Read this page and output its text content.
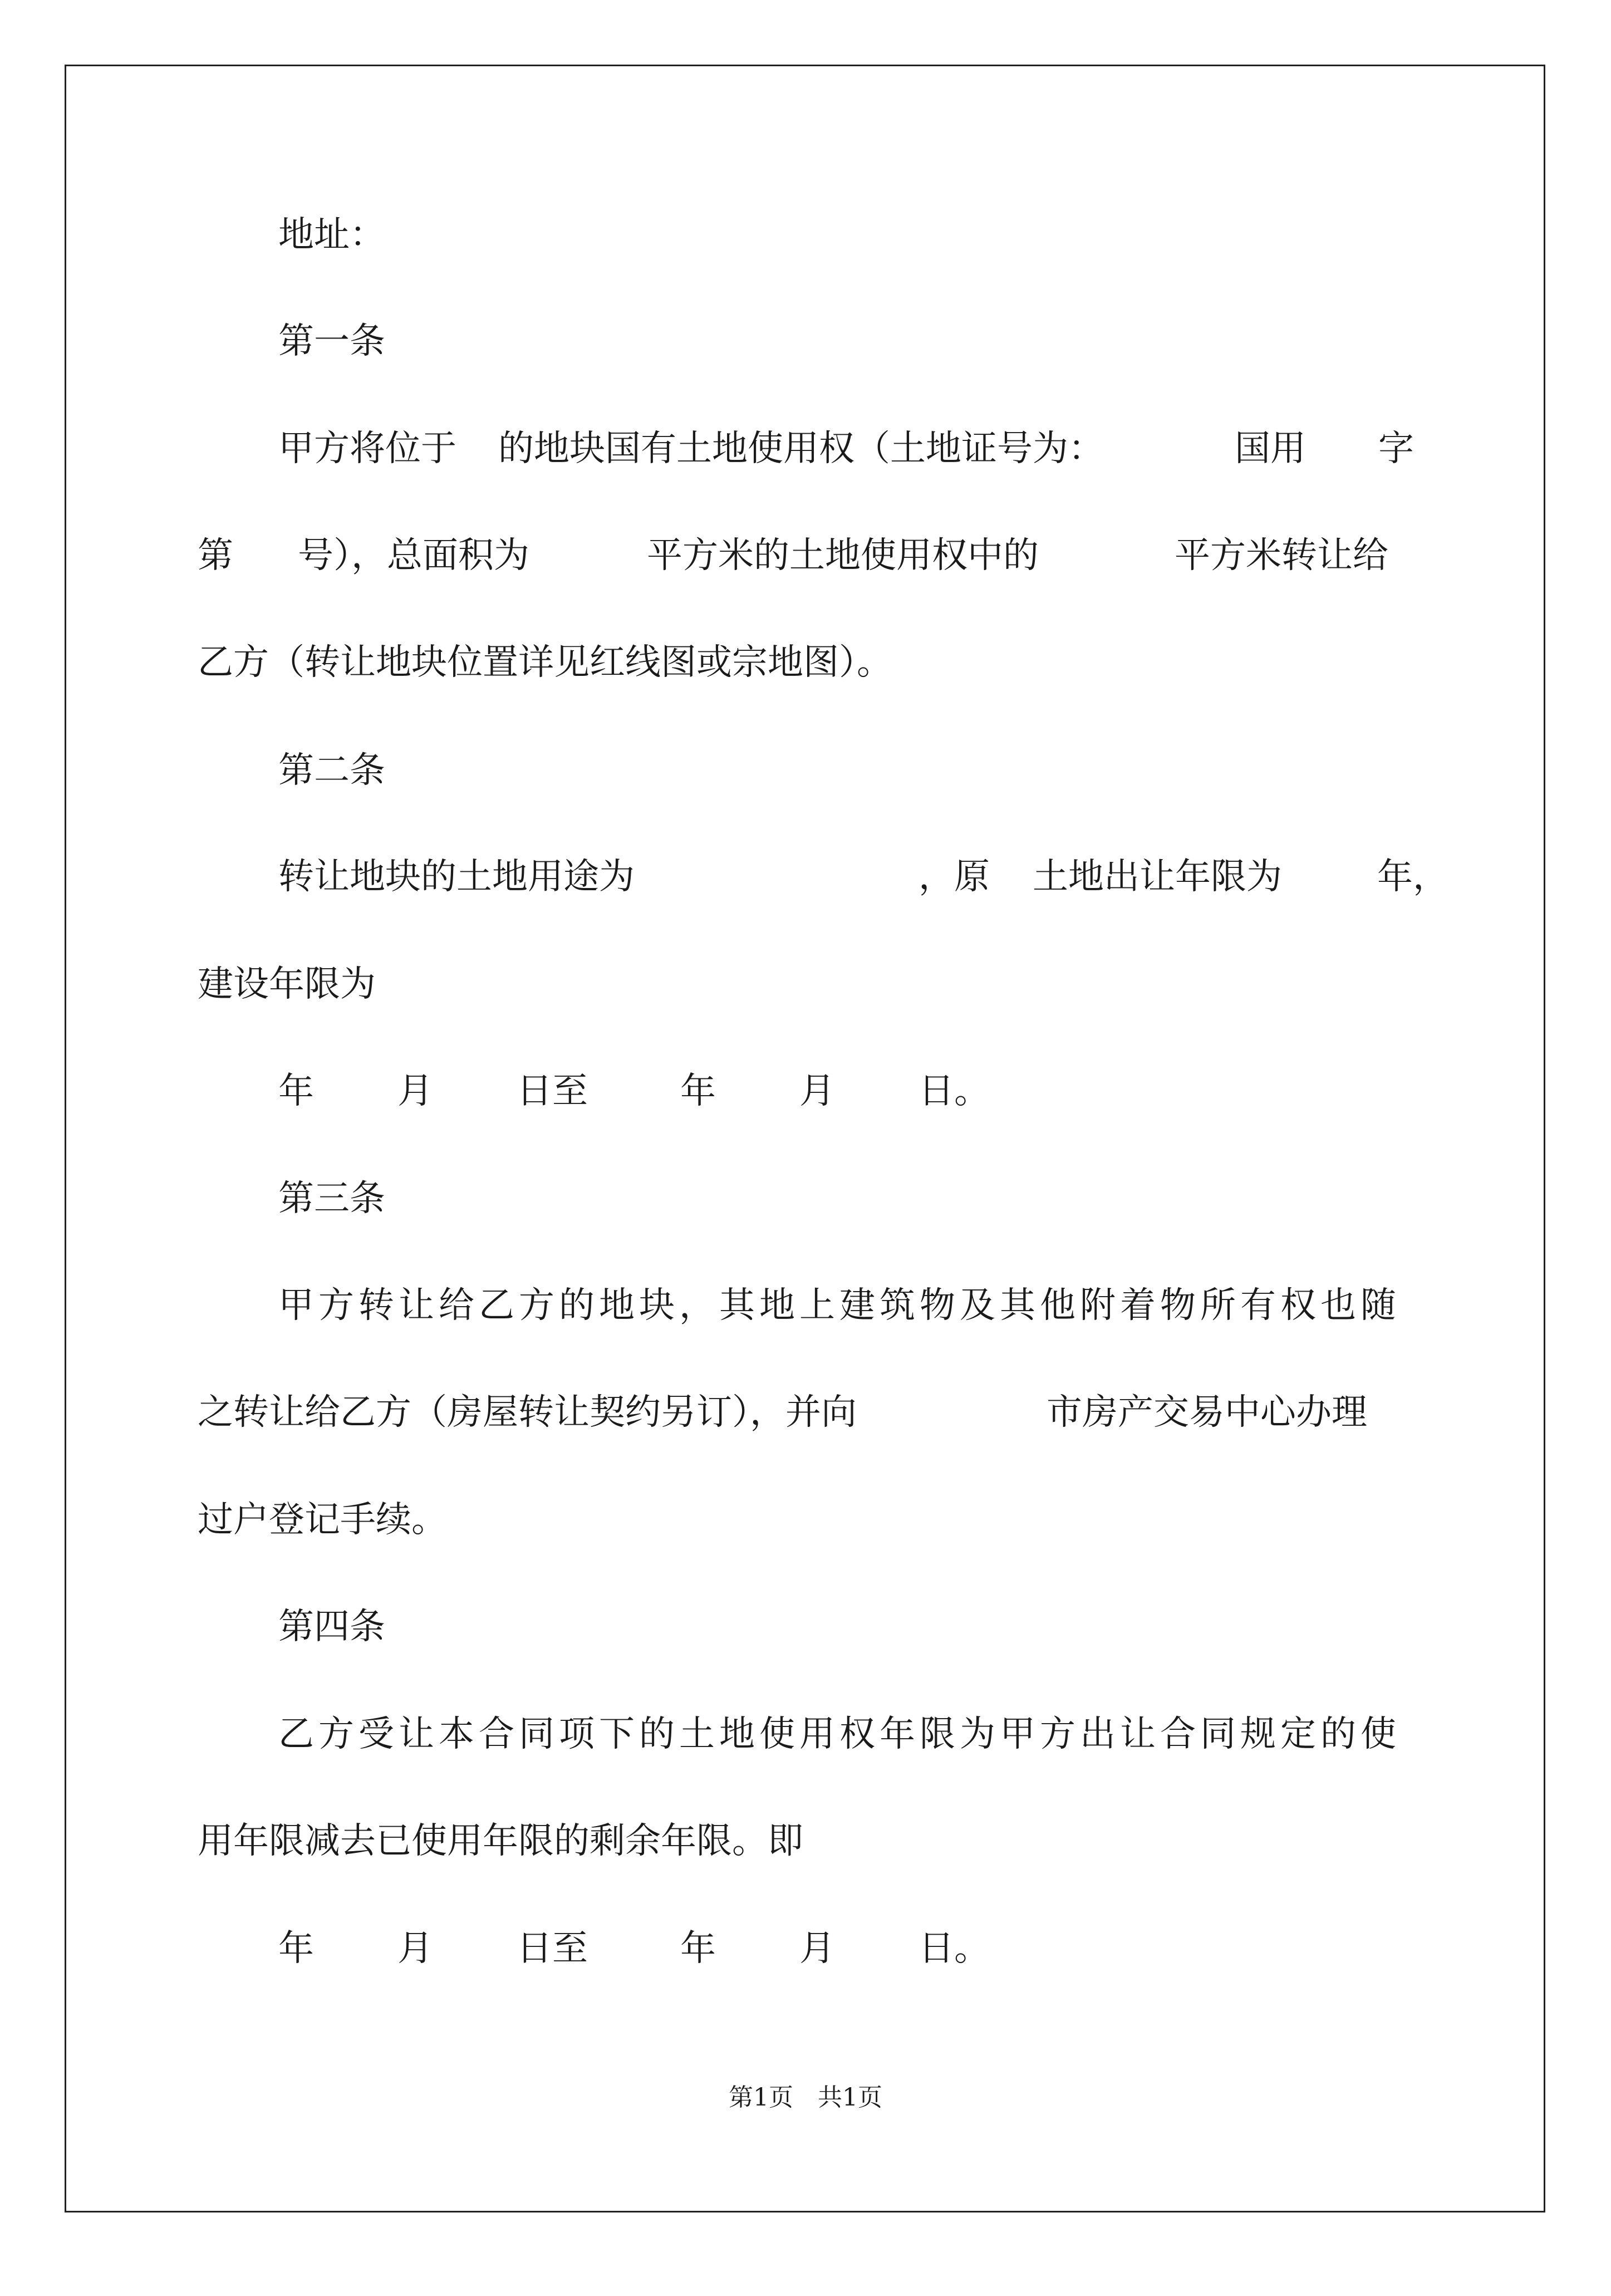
地址：

第一条

甲方将位于

的地块国有土地使用权（土地证号为：

	国用

字

第

号），总面积为

	平方米的土地使用权中的

	平方米转让给

乙方（转让地块位置详见红线图或宗地图）。

第二条

转让地块的土地用途为

	，原

土地出让年限为

	年，

建设年限为

年

月

日至

	年

月

日。

第三条

甲方转让给乙方的地块，其地上建筑物及其他附着物所有权也随

之转让给乙方（房屋转让契约另订），并向

	市房产交易中心办理

过户登记手续。

第四条

乙方受让本合同项下的土地使用权年限为甲方出让合同规定的使

用年限减去已使用年限的剩余年限。即

年

月

日至

	年

月

日。

第1页　共1页
